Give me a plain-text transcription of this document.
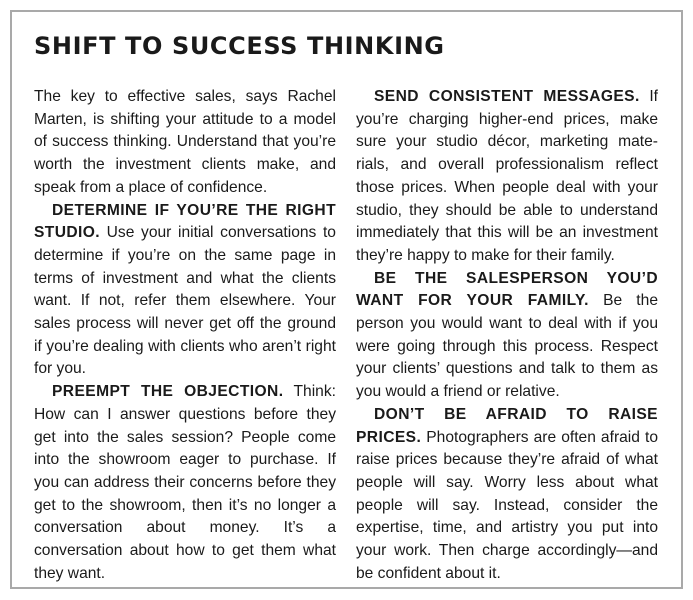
SHIFT TO SUCCESS THINKING

The key to effective sales, says Rachel Marten, is shifting your attitude to a model of success thinking. Understand that you’re worth the investment clients make, and speak from a place of confidence.

DETERMINE IF YOU’RE THE RIGHT STUDIO. Use your initial conversations to determine if you’re on the same page in terms of investment and what the clients want. If not, refer them elsewhere. Your sales process will never get off the ground if you’re dealing with clients who aren’t right for you.

PREEMPT THE OBJECTION. Think: How can I answer questions before they get into the sales session? People come into the showroom eager to purchase. If you can address their concerns before they get to the showroom, then it’s no longer a conversation about money. It’s a conversation about how to get them what they want.

SEND CONSISTENT MESSAGES. If you’re charging higher-end prices, make sure your studio décor, marketing materials, and overall professionalism reflect those prices. When people deal with your studio, they should be able to understand immediately that this will be an investment they’re happy to make for their family.

BE THE SALESPERSON YOU’D WANT FOR YOUR FAMILY. Be the person you would want to deal with if you were going through this process. Respect your clients’ questions and talk to them as you would a friend or relative.

DON’T BE AFRAID TO RAISE PRICES. Photographers are often afraid to raise prices because they’re afraid of what people will say. Worry less about what people will say. Instead, consider the expertise, time, and artistry you put into your work. Then charge accordingly—and be confident about it.
